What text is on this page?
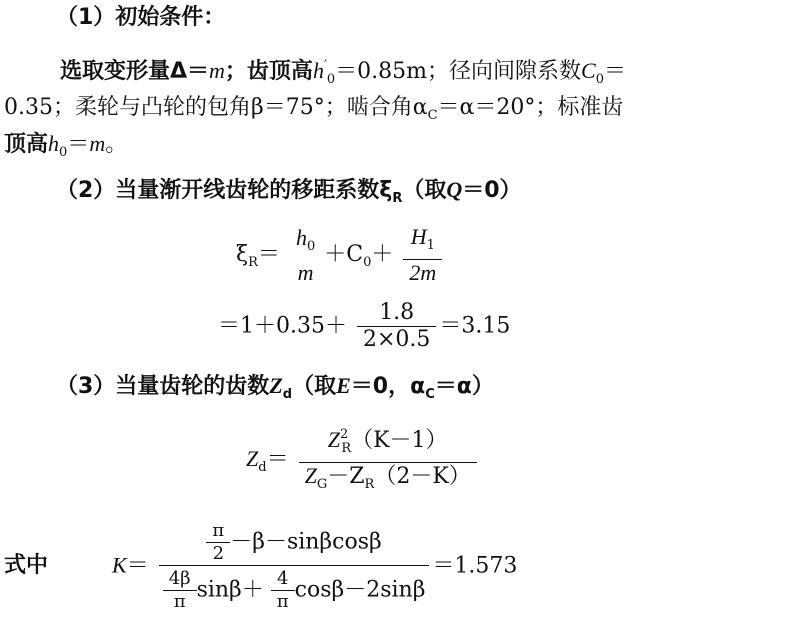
（1）初始条件：
选取变形量Δ＝m；齿顶高$h'_0=0.85m$；径向间隙系数$C_0=$
0.35；柔轮与凸轮的包角β＝75°；啮合角$\alpha_C=\alpha=20^\circ$；标准齿
顶高$h_0=m$。
（2）当量渐开线齿轮的移距系数$\xi_R$（取Q＝0）
$\xi_R=$
$h_0$
m
$+C_0+ \frac{H_1}{2m}$
$=1+0.35+ \frac{1.8}{2\times 0.5} =3.15$
（3）当量齿轮的齿数$Z_d$（取E＝0，$\alpha_C=\alpha$）
$Z_d= \frac{Z^2_R(K-1)}{Z_G-Z_R(2-K)}$
式中	K＝
$\frac{\pi}{2} -\beta-\sin\beta\cos\beta$
$\frac{4\beta}{\pi} \sin\beta+ \frac{4}{\pi} \cos\beta-2\sin\beta$
＝1.573
